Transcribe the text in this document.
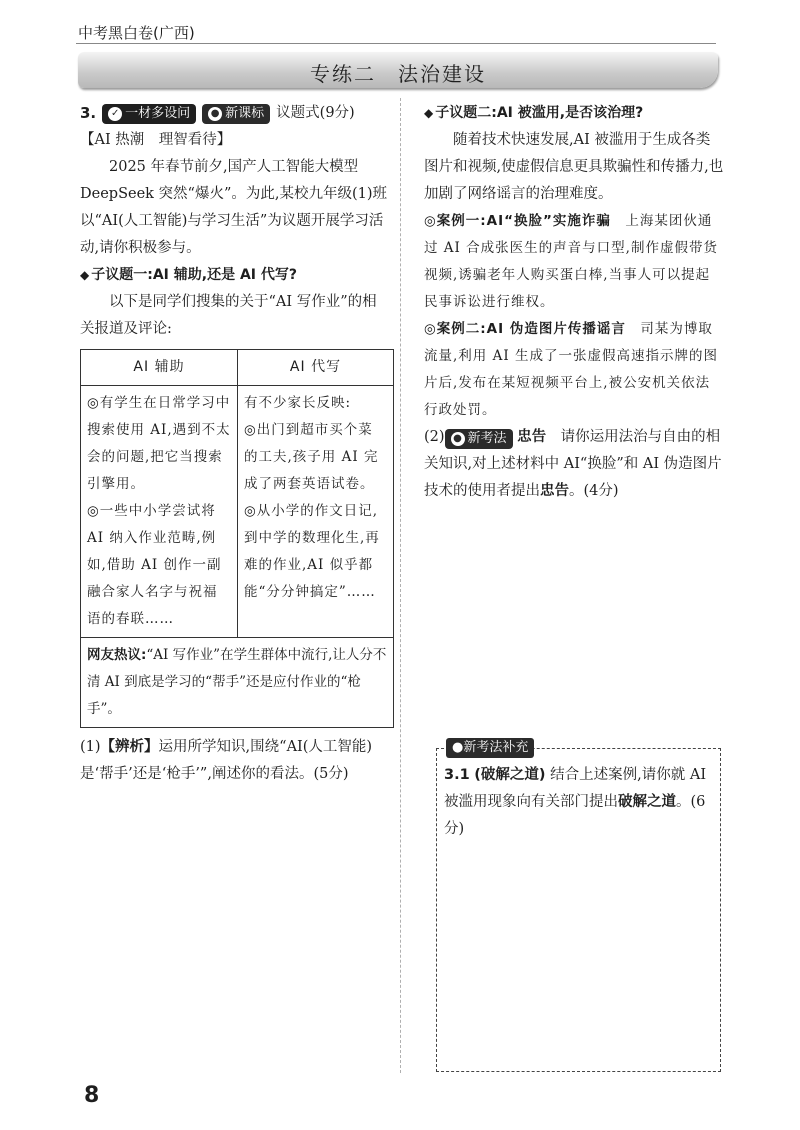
中考黑白卷(广西)
专练二　法治建设
3. ✓ 一材多设问 ● 新课标 议题式(9分)

【AI 热潮　理智看待】

2025 年春节前夕,国产人工智能大模型 DeepSeek 突然“爆火”。为此,某校九年级(1)班以“AI(人工智能)与学习生活”为议题开展学习活动,请你积极参与。

◆ 子议题一:AI 辅助,还是 AI 代写?

以下是同学们搜集的关于“AI 写作业”的相关报道及评论:

AI 辅助	AI 代写

◎有学生在日常学习中搜索使用 AI,遇到不太会的问题,把它当搜索引擎用。

◎一些中小学尝试将 AI 纳入作业范畴,例如,借助 AI 创作一副融合家人名字与祝福语的春联……

有不少家长反映:

◎出门到超市买个菜的工夫,孩子用 AI 完成了两套英语试卷。

◎从小学的作文日记,到中学的数理化生,再难的作业,AI 似乎都能“分分钟搞定”……

网友热议:“AI 写作业”在学生群体中流行,让人分不清 AI 到底是学习的“帮手”还是应付作业的“枪手”。

(1)【辨析】运用所学知识,围绕“AI(人工智能)是‘帮手’还是‘枪手’”,阐述你的看法。(5分)

◆ 子议题二:AI 被滥用,是否该治理?

随着技术快速发展,AI 被滥用于生成各类图片和视频,使虚假信息更具欺骗性和传播力,也加剧了网络谣言的治理难度。

◎案例一:AI“换脸”实施诈骗　 上海某团伙通过 AI 合成张医生的声音与口型,制作虚假带货视频,诱骗老年人购买蛋白棒,当事人可以提起民事诉讼进行维权。

◎案例二:AI 伪造图片传播谣言　 司某为博取流量,利用 AI 生成了一张虚假高速指示牌的图片后,发布在某短视频平台上,被公安机关依法行政处罚。

(2) ● 新考法 忠告　 请你运用法治与自由的相关知识,对上述材料中 AI“换脸”和 AI 伪造图片技术的使用者提出忠告。(4分)

●新考法补充
3.1 (破解之道) 结合上述案例,请你就 AI 被滥用现象向有关部门提出破解之道。(6分)
8
